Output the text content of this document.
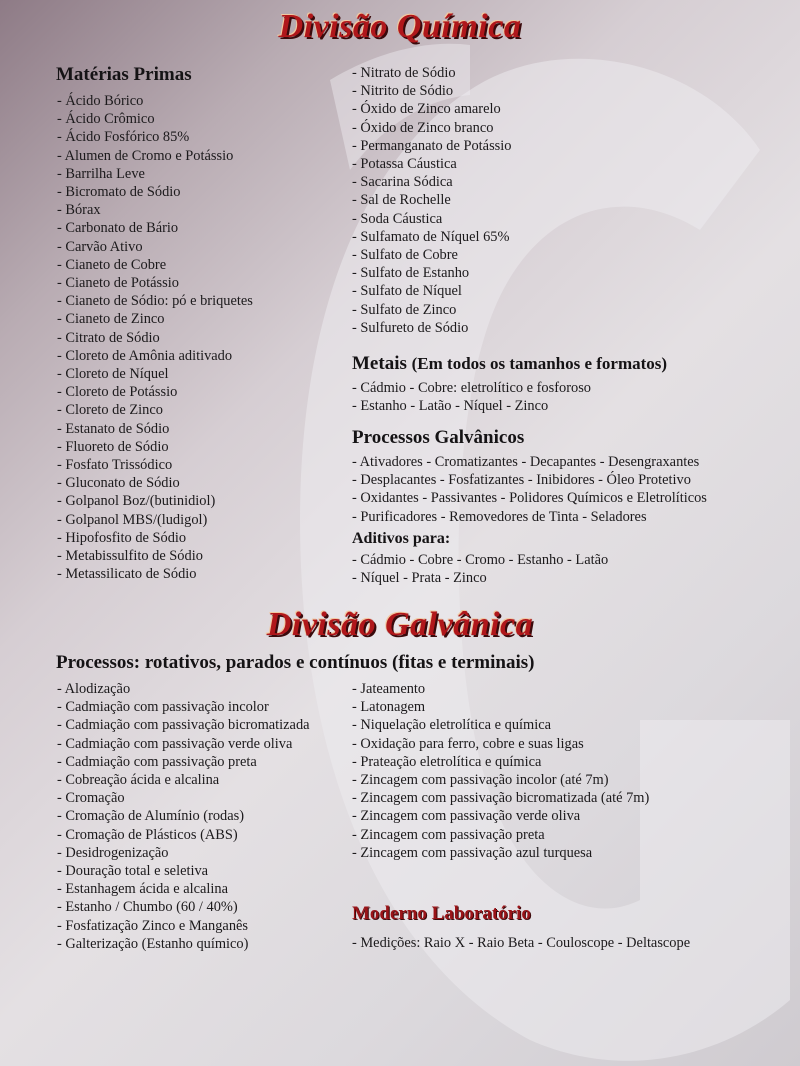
Divisão Química
Matérias Primas
- Ácido Bórico
- Ácido Crômico
- Ácido Fosfórico 85%
- Alumen de Cromo e Potássio
- Barrilha Leve
- Bicromato de Sódio
- Bórax
- Carbonato de Bário
- Carvão Ativo
- Cianeto de Cobre
- Cianeto de Potássio
- Cianeto de Sódio: pó e briquetes
- Cianeto de Zinco
- Citrato de Sódio
- Cloreto de Amônia aditivado
- Cloreto de Níquel
- Cloreto de Potássio
- Cloreto de Zinco
- Estanato de Sódio
- Fluoreto de Sódio
- Fosfato Trissódico
- Gluconato de Sódio
- Golpanol Boz/(butinidiol)
- Golpanol MBS/(ludigol)
- Hipofosfito de Sódio
- Metabissulfito de Sódio
- Metassilicato de Sódio
- Nitrato de Sódio
- Nitrito de Sódio
- Óxido de Zinco amarelo
- Óxido de Zinco branco
- Permanganato de Potássio
- Potassa Cáustica
- Sacarina Sódica
- Sal de Rochelle
- Soda Cáustica
- Sulfamato de Níquel 65%
- Sulfato de Cobre
- Sulfato de Estanho
- Sulfato de Níquel
- Sulfato de Zinco
- Sulfureto de Sódio
Metais (Em todos os tamanhos e formatos)
- Cádmio - Cobre: eletrolítico e fosforoso
- Estanho - Latão - Níquel - Zinco
Processos Galvânicos
- Ativadores - Cromatizantes - Decapantes - Desengraxantes
- Desplacantes - Fosfatizantes - Inibidores - Óleo Protetivo
- Oxidantes - Passivantes - Polidores Químicos e Eletrolíticos
- Purificadores - Removedores de Tinta - Seladores
Aditivos para:
- Cádmio - Cobre - Cromo - Estanho - Latão
- Níquel - Prata - Zinco
Divisão Galvânica
Processos: rotativos, parados e contínuos (fitas e terminais)
- Alodização
- Cadmiação com passivação incolor
- Cadmiação com passivação bicromatizada
- Cadmiação com passivação verde oliva
- Cadmiação com passivação preta
- Cobreação ácida e alcalina
- Cromação
- Cromação de Alumínio (rodas)
- Cromação de Plásticos (ABS)
- Desidrogenização
- Douração total e seletiva
- Estanhagem ácida e alcalina
- Estanho / Chumbo (60 / 40%)
- Fosfatização Zinco e Manganês
- Galterização (Estanho químico)
- Jateamento
- Latonagem
- Niquelação eletrolítica e química
- Oxidação para ferro, cobre e suas ligas
- Prateação eletrolítica e química
- Zincagem com passivação incolor (até 7m)
- Zincagem com passivação bicromatizada (até 7m)
- Zincagem com passivação verde oliva
- Zincagem com passivação preta
- Zincagem com passivação azul turquesa
Moderno Laboratório
- Medições: Raio X - Raio Beta - Couloscope - Deltascope
